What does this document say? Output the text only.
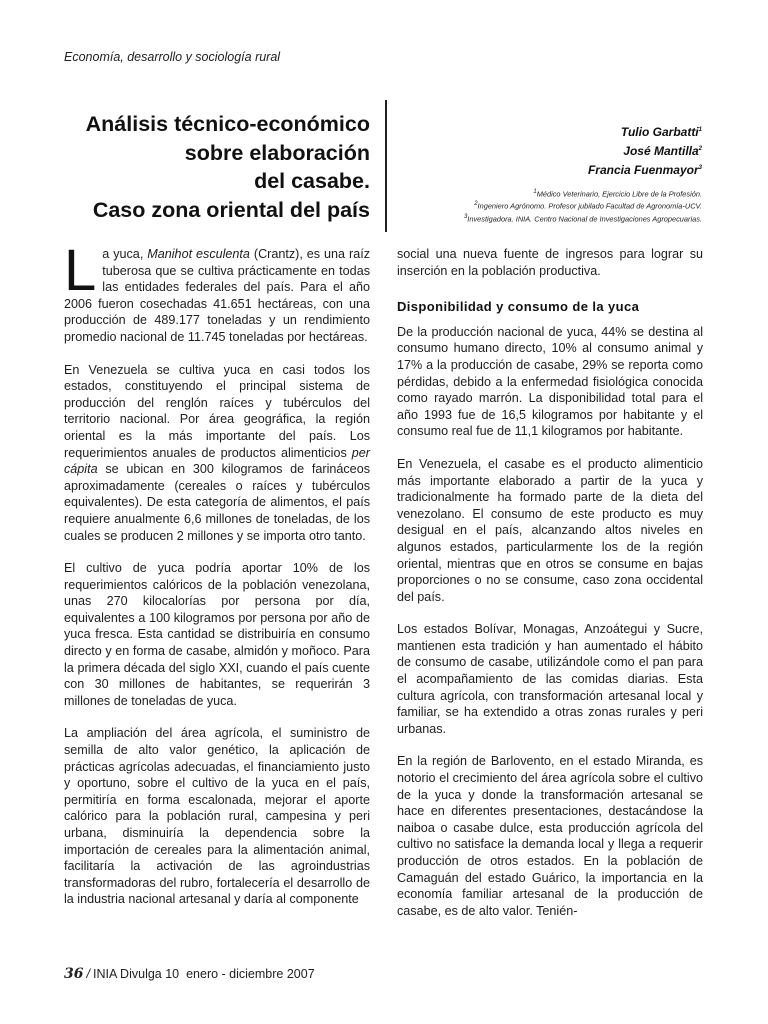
Economía, desarrollo y sociología rural
Análisis técnico-económico
sobre elaboración
del casabe.
Caso zona oriental del país
Tulio Garbatti$^1$
José Mantilla$^2$
Francia Fuenmayor$^3$
$^1$Médico Veterinario, Ejercicio Libre de la Profesión.
$^2$Ingeniero Agrónomo. Profesor jubilado Facultad de Agronomía-UCV.
$^3$Investigadora. INIA. Centro Nacional de Investigaciones Agropecuarias.

La yuca, Manihot esculenta (Crantz), es una raíz tuberosa que se cultiva prácticamente en todas las entidades federales del país. Para el año 2006 fueron cosechadas 41.651 hectáreas, con una producción de 489.177 toneladas y un rendimiento promedio nacional de 11.745 toneladas por hectáreas.

En Venezuela se cultiva yuca en casi todos los estados, constituyendo el principal sistema de producción del renglón raíces y tubérculos del territorio nacional. Por área geográfica, la región oriental es la más importante del país. Los requerimientos anuales de productos alimenticios per cápita se ubican en 300 kilogramos de farináceos aproximadamente (cereales o raíces y tubérculos equivalentes). De esta categoría de alimentos, el país requiere anualmente 6,6 millones de toneladas, de los cuales se producen 2 millones y se importa otro tanto.

El cultivo de yuca podría aportar 10% de los requerimientos calóricos de la población venezolana, unas 270 kilocalorías por persona por día, equivalentes a 100 kilogramos por persona por año de yuca fresca. Esta cantidad se distribuiría en consumo directo y en forma de casabe, almidón y moñoco. Para la primera década del siglo XXI, cuando el país cuente con 30 millones de habitantes, se requerirán 3 millones de toneladas de yuca.

La ampliación del área agrícola, el suministro de semilla de alto valor genético, la aplicación de prácticas agrícolas adecuadas, el financiamiento justo y oportuno, sobre el cultivo de la yuca en el país, permitiría en forma escalonada, mejorar el aporte calórico para la población rural, campesina y peri urbana, disminuiría la dependencia sobre la importación de cereales para la alimentación animal, facilitaría la activación de las agroindustrias transformadoras del rubro, fortalecería el desarrollo de la industria nacional artesanal y daría al componente

social una nueva fuente de ingresos para lograr su inserción en la población productiva.

Disponibilidad y consumo de la yuca

De la producción nacional de yuca, 44% se destina al consumo humano directo, 10% al consumo animal y 17% a la producción de casabe, 29% se reporta como pérdidas, debido a la enfermedad fisiológica conocida como rayado marrón. La disponibilidad total para el año 1993 fue de 16,5 kilogramos por habitante y el consumo real fue de 11,1 kilogramos por habitante.

En Venezuela, el casabe es el producto alimenticio más importante elaborado a partir de la yuca y tradicionalmente ha formado parte de la dieta del venezolano. El consumo de este producto es muy desigual en el país, alcanzando altos niveles en algunos estados, particularmente los de la región oriental, mientras que en otros se consume en bajas proporciones o no se consume, caso zona occidental del país.

Los estados Bolívar, Monagas, Anzoátegui y Sucre, mantienen esta tradición y han aumentado el hábito de consumo de casabe, utilizándole como el pan para el acompañamiento de las comidas diarias. Esta cultura agrícola, con transformación artesanal local y familiar, se ha extendido a otras zonas rurales y peri urbanas.

En la región de Barlovento, en el estado Miranda, es notorio el crecimiento del área agrícola sobre el cultivo de la yuca y donde la transformación artesanal se hace en diferentes presentaciones, destacándose la naiboa o casabe dulce, esta producción agrícola del cultivo no satisface la demanda local y llega a requerir producción de otros estados. En la población de Camaguán del estado Guárico, la importancia en la economía familiar artesanal de la producción de casabe, es de alto valor. Tenién-

36 / INIA Divulga 10 enero - diciembre 2007
